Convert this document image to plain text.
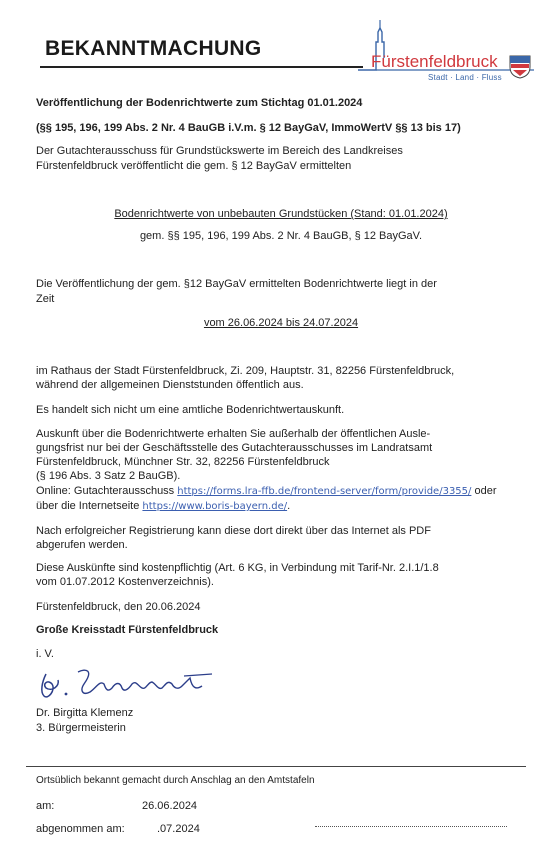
BEKANNTMACHUNG
Fürstenfeldbruck
Stadt · Land · Fluss
Veröffentlichung der Bodenrichtwerte zum Stichtag 01.01.2024
(§§ 195, 196, 199 Abs. 2 Nr. 4 BauGB i.V.m. § 12 BayGaV, ImmoWertV §§ 13 bis 17)
Der Gutachterausschuss für Grundstückswerte im Bereich des Landkreises
Fürstenfeldbruck veröffentlicht die gem. § 12 BayGaV ermittelten
Bodenrichtwerte von unbebauten Grundstücken (Stand: 01.01.2024)
gem. §§ 195, 196, 199 Abs. 2 Nr. 4 BauGB, § 12 BayGaV.
Die Veröffentlichung der gem. §12 BayGaV ermittelten Bodenrichtwerte liegt in der
Zeit
vom 26.06.2024 bis 24.07.2024
im Rathaus der Stadt Fürstenfeldbruck, Zi. 209, Hauptstr. 31, 82256 Fürstenfeldbruck,
während der allgemeinen Dienststunden öffentlich aus.
Es handelt sich nicht um eine amtliche Bodenrichtwertauskunft.
Auskunft über die Bodenrichtwerte erhalten Sie außerhalb der öffentlichen Ausle-
gungsfrist nur bei der Geschäftsstelle des Gutachterausschusses im Landratsamt
Fürstenfeldbruck, Münchner Str. 32, 82256 Fürstenfeldbruck
(§ 196 Abs. 3 Satz 2 BauGB).
Online: Gutachterausschuss https://forms.lra-ffb.de/frontend-server/form/provide/3355/ oder
über die Internetseite https://www.boris-bayern.de/.
Nach erfolgreicher Registrierung kann diese dort direkt über das Internet als PDF
abgerufen werden.
Diese Auskünfte sind kostenpflichtig (Art. 6 KG, in Verbindung mit Tarif-Nr. 2.I.1/1.8
vom 01.07.2012 Kostenverzeichnis).
Fürstenfeldbruck, den 20.06.2024
Große Kreisstadt Fürstenfeldbruck
i. V.
Dr. Birgitta Klemenz
3. Bürgermeisterin
Ortsüblich bekannt gemacht durch Anschlag an den Amtstafeln
am:	26.06.2024
abgenommen am:	.07.2024
